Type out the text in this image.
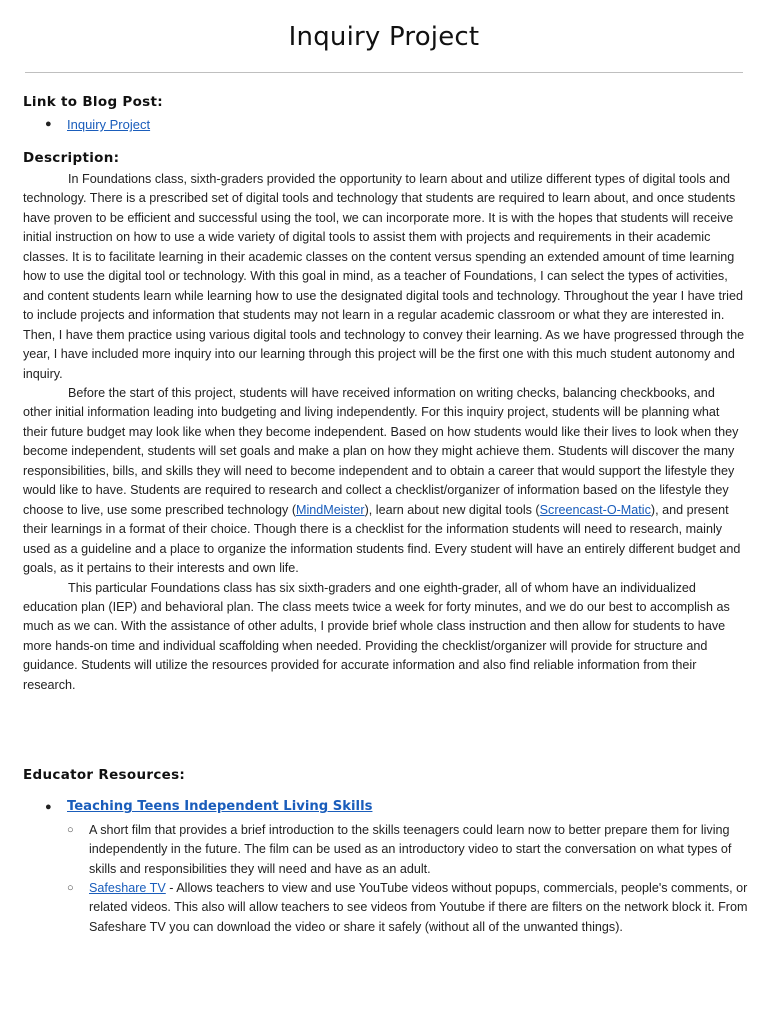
Inquiry Project
Link to Blog Post:
● Inquiry Project
Description:

In Foundations class, sixth-graders provided the opportunity to learn about and utilize different types of digital tools and technology. There is a prescribed set of digital tools and technology that students are required to learn about, and once students have proven to be efficient and successful using the tool, we can incorporate more. It is with the hopes that students will receive initial instruction on how to use a wide variety of digital tools to assist them with projects and requirements in their academic classes. It is to facilitate learning in their academic classes on the content versus spending an extended amount of time learning how to use the digital tool or technology. With this goal in mind, as a teacher of Foundations, I can select the types of activities, and content students learn while learning how to use the designated digital tools and technology. Throughout the year I have tried to include projects and information that students may not learn in a regular academic classroom or what they are interested in. Then, I have them practice using various digital tools and technology to convey their learning. As we have progressed through the year, I have included more inquiry into our learning through this project will be the first one with this much student autonomy and inquiry.

Before the start of this project, students will have received information on writing checks, balancing checkbooks, and other initial information leading into budgeting and living independently. For this inquiry project, students will be planning what their future budget may look like when they become independent. Based on how students would like their lives to look when they become independent, students will set goals and make a plan on how they might achieve them. Students will discover the many responsibilities, bills, and skills they will need to become independent and to obtain a career that would support the lifestyle they would like to have. Students are required to research and collect a checklist/organizer of information based on the lifestyle they choose to live, use some prescribed technology (MindMeister), learn about new digital tools (Screencast-O-Matic), and present their learnings in a format of their choice. Though there is a checklist for the information students will need to research, mainly used as a guideline and a place to organize the information students find. Every student will have an entirely different budget and goals, as it pertains to their interests and own life.

This particular Foundations class has six sixth-graders and one eighth-grader, all of whom have an individualized education plan (IEP) and behavioral plan. The class meets twice a week for forty minutes, and we do our best to accomplish as much as we can. With the assistance of other adults, I provide brief whole class instruction and then allow for students to have more hands-on time and individual scaffolding when needed. Providing the checklist/organizer will provide for structure and guidance. Students will utilize the resources provided for accurate information and also find reliable information from their research.

Educator Resources:
● Teaching Teens Independent Living Skills
○ A short film that provides a brief introduction to the skills teenagers could learn now to better prepare them for living independently in the future. The film can be used as an introductory video to start the conversation on what types of skills and responsibilities they will need and have as an adult.
○ Safeshare TV - Allows teachers to view and use YouTube videos without popups, commercials, people's comments, or related videos. This also will allow teachers to see videos from Youtube if there are filters on the network block it. From Safeshare TV you can download the video or share it safely (without all of the unwanted things).
